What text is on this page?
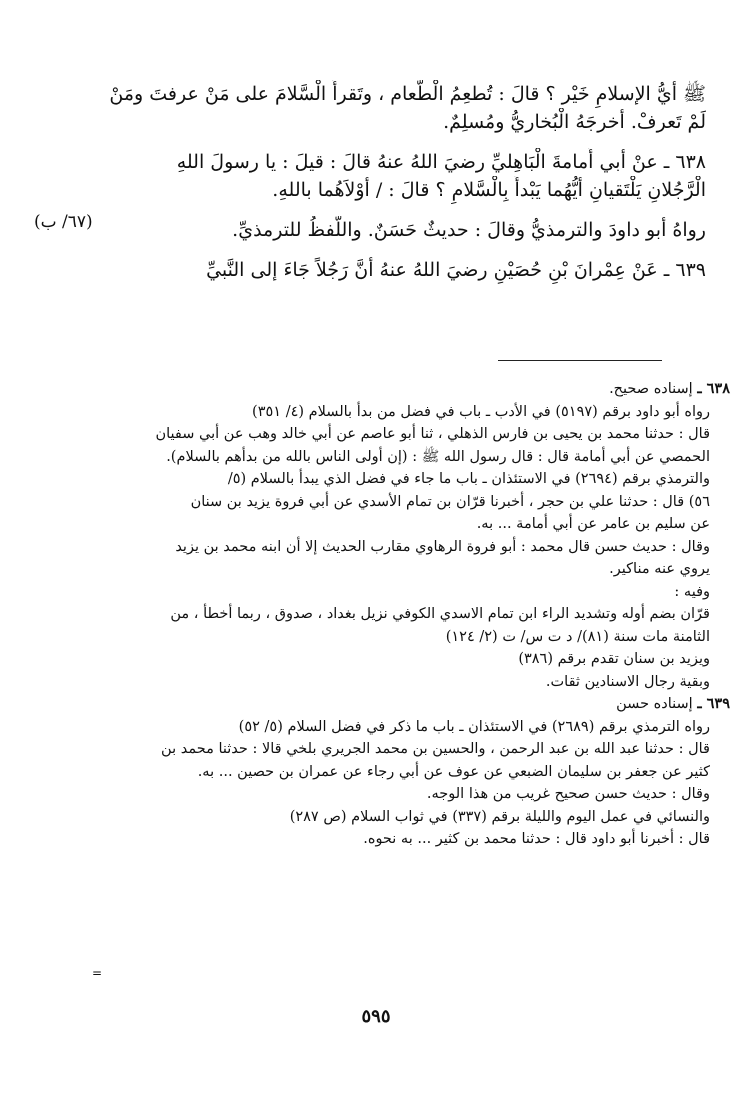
ﷺ أيُّ الإسلامِ خَيْر ؟ قالَ : تُطعِمُ الْطَّعام ، وتَقرأُ الْسَّلامَ على مَنْ عرفتَ ومَنْ

لَمْ تَعرفْ. أخرجَهُ الْبُخاريُّ ومُسلِمٌ.

٦٣٨ ـ عنْ أبي أُمامةَ الْبَاهِليِّ رضيَ اللهُ عنهُ قالَ : قيلَ : يا رسولَ اللهِ

الْرَّجُلانِ يَلْتَقيانِ أيُّهُما يَبْدأُ بِالْسَّلامِ ؟ قالَ : / أوْلاَهُما باللهِ.

رواهُ أبو داودَ والترمذيُّ وقالَ : حديثٌ حَسَنٌ. واللَّفظُ للترمذيِّ.

٦٣٩ ـ عَنْ عِمْرانَ بْنِ حُصَيْنٍ رضيَ اللهُ عنهُ أنَّ رَجُلاً جَاءَ إلى النَّبيِّ

(٦٧/ ب)

٦٣٨ ـ إسناده صحيح.

رواه أبو داود برقم (٥١٩٧) في الأدب ـ باب في فضل من بدأ بالسلام (٤/ ٣٥١)

قال : حدثنا محمد بن يحيى بن فارس الذهلي ، ثنا أبو عاصم عن أبي خالد وهب عن أبي سفيان

الحمصي عن أبي أمامة قال : قال رسول الله ﷺ : (إن أولى الناس بالله من بدأهم بالسلام).

والترمذي برقم (٢٦٩٤) في الاستئذان ـ باب ما جاء في فضل الذي يبدأ بالسلام (٥/

٥٦) قال : حدثنا علي بن حجر ، أخبرنا قرّان بن تمام الأسدي عن أبي فروة يزيد بن سنان

عن سليم بن عامر عن أبي أمامة ... به.

وقال : حديث حسن قال محمد : أبو فروة الرهاوي مقارب الحديث إلا أن ابنه محمد بن يزيد

يروي عنه مناكير.

وفيه :

قرّان بضم أوله وتشديد الراء ابن تمام الاسدي الكوفي نزيل بغداد ، صدوق ، ربما أخطأ ، من

الثامنة مات سنة (٨١)/ د ت س/ ت (٢/ ١٢٤)

ويزيد بن سنان تقدم برقم (٣٨٦)

وبقية رجال الاسنادين ثقات.

٦٣٩ ـ إسناده حسن

رواه الترمذي برقم (٢٦٨٩) في الاستئذان ـ باب ما ذكر في فضل السلام (٥/ ٥٢)

قال : حدثنا عبد الله بن عبد الرحمن ، والحسين بن محمد الجريري بلخي قالا : حدثنا محمد بن

كثير عن جعفر بن سليمان الضبعي عن عوف عن أبي رجاء عن عمران بن حصين ... به.

وقال : حديث حسن صحيح غريب من هذا الوجه.

والنسائي في عمل اليوم والليلة برقم (٣٣٧) في ثواب السلام (ص ٢٨٧)

قال : أخبرنا أبو داود قال : حدثنا محمد بن كثير ... به نحوه.

=
٥٩٥
